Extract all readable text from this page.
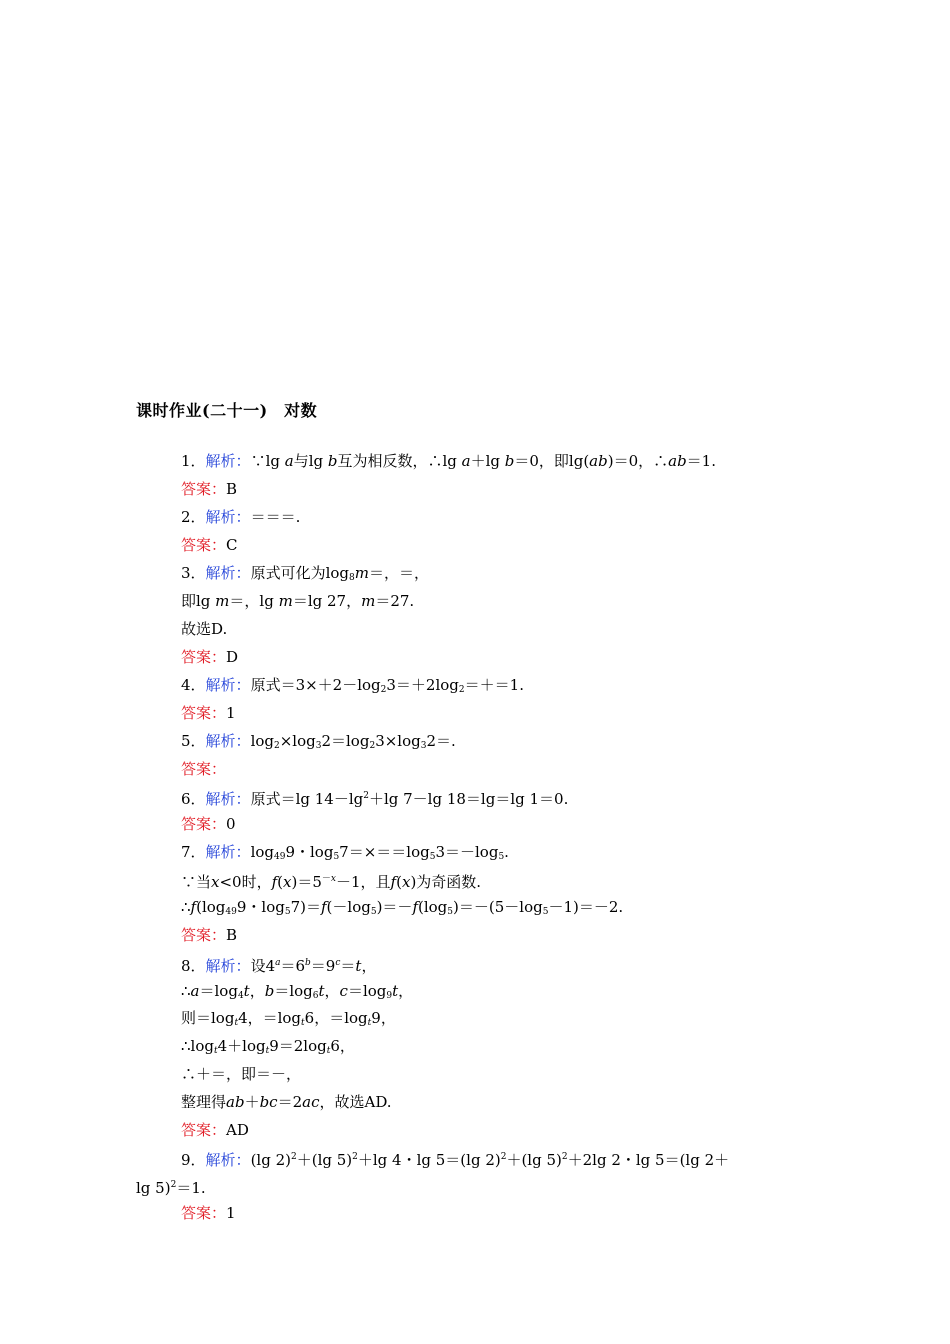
课时作业(二十一)　对数
1．解析：∵lg a与lg b互为相反数，∴lg a＋lg b＝0，即lg(ab)＝0，∴ab＝1.
答案：B
2．解析：＝＝＝.
答案：C
3．解析：原式可化为$\log_8m=$，＝，
即lg m＝，lg m＝lg 27，m＝27.
故选D.
答案：D
4．解析：原式$=3\times+2-\log_23=+2\log_2=+=1$.
答案：1
5．解析：$\log_2\times\log_32=\log_23\times\log_32=$.
答案：
6．解析：原式＝lg $14-\lg^2+\lg$ 7－lg 18＝lg＝lg 1＝0.
答案：0
7．解析：$\log_{49}9$・$\log_57=\times==\log_53=-\log_5$.
∵当x<0时，$f(x)=5^{-x}-1$，且f(x)为奇函数.
$\therefore f(\log_{49}9$・$\log_57)=f(-\log_5)=-f(\log_5)=-(5-\log_5-1)=-2$.
答案：B
8．解析：设$4^a=6^b=9^c=t$，
$\therefore a=\log_4t$，$b=\log_6t$，$c=\log_9t$，
则$=\log_t4$，$=\log_t6$，$=\log_t9$，
$\therefore\log_t4+\log_t9=2\log_t6$，
∴＋＝，即＝－，
整理得ab＋bc＝2ac，故选AD.
答案：AD
9．解析：(lg 2)$^2$＋(lg 5)$^2$＋lg 4・lg 5＝(lg 2)$^2$＋(lg 5)$^2$＋2lg 2・lg 5＝(lg 2＋
lg 5)$^2$＝1.
答案：1
